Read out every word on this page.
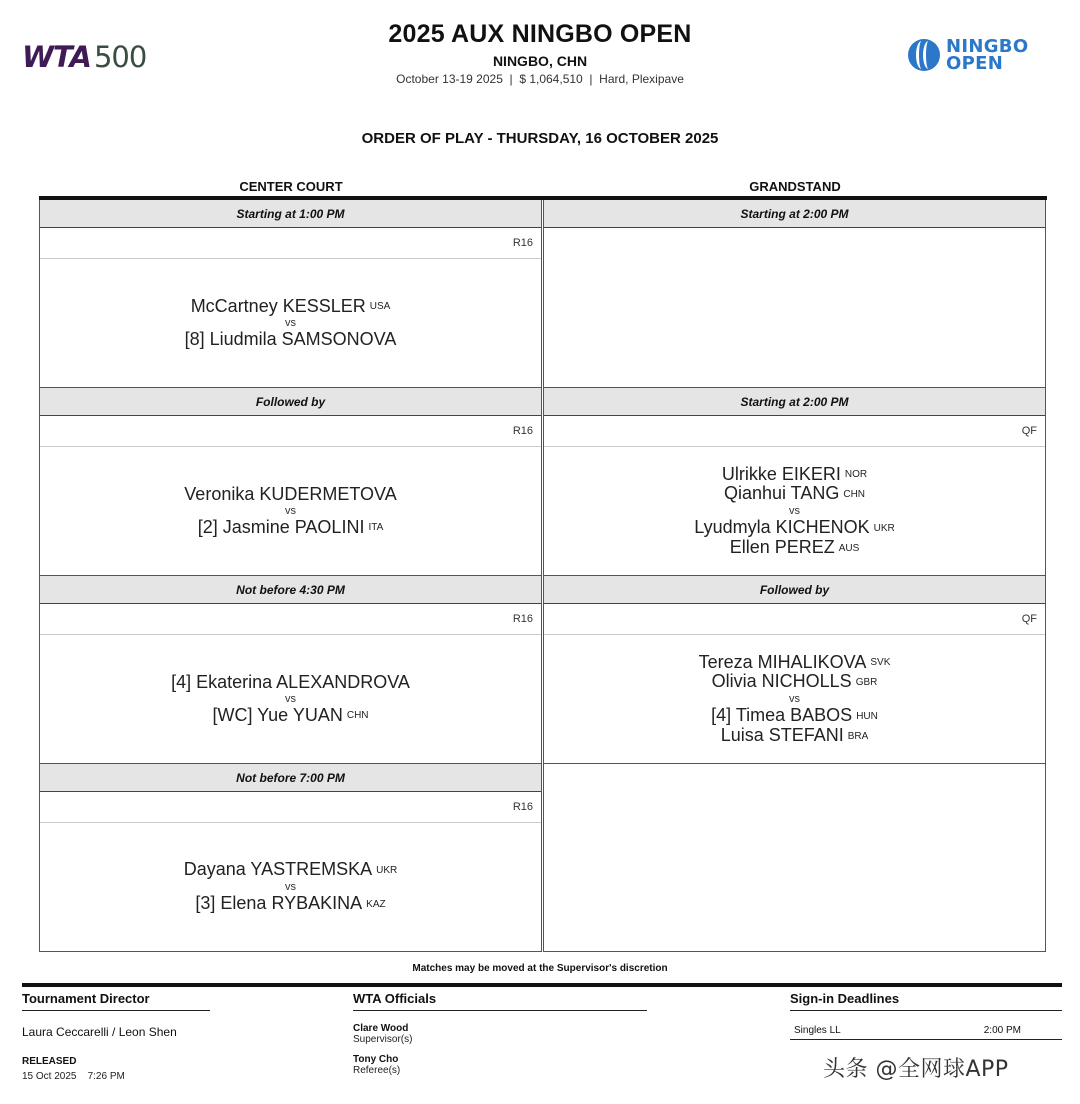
WTA 500
2025 AUX NINGBO OPEN
NINGBO, CHN
October 13-19 2025  |  $ 1,064,510  |  Hard, Plexipave
NINGBO
OPEN
ORDER OF PLAY - THURSDAY, 16 OCTOBER 2025
CENTER COURT	GRANDSTAND
Starting at 1:00 PM
R16
McCartney KESSLER USA
vs
[8] Liudmila SAMSONOVA
Followed by
R16
Veronika KUDERMETOVA
vs
[2] Jasmine PAOLINI ITA
Not before 4:30 PM
R16
[4] Ekaterina ALEXANDROVA
vs
[WC] Yue YUAN CHN
Not before 7:00 PM
R16
Dayana YASTREMSKA UKR
vs
[3] Elena RYBAKINA KAZ
Starting at 2:00 PM
Starting at 2:00 PM
QF
Ulrikke EIKERI NOR
Qianhui TANG CHN
vs
Lyudmyla KICHENOK UKR
Ellen PEREZ AUS
Followed by
QF
Tereza MIHALIKOVA SVK
Olivia NICHOLLS GBR
vs
[4] Timea BABOS HUN
Luisa STEFANI BRA
Matches may be moved at the Supervisor's discretion
Tournament Director
Laura Ceccarelli / Leon Shen
RELEASED
15 Oct 2025    7:26 PM
WTA Officials
Clare Wood
Supervisor(s)
Tony Cho
Referee(s)
Sign-in Deadlines
Singles LL	2:00 PM
头条 @全网球APP
